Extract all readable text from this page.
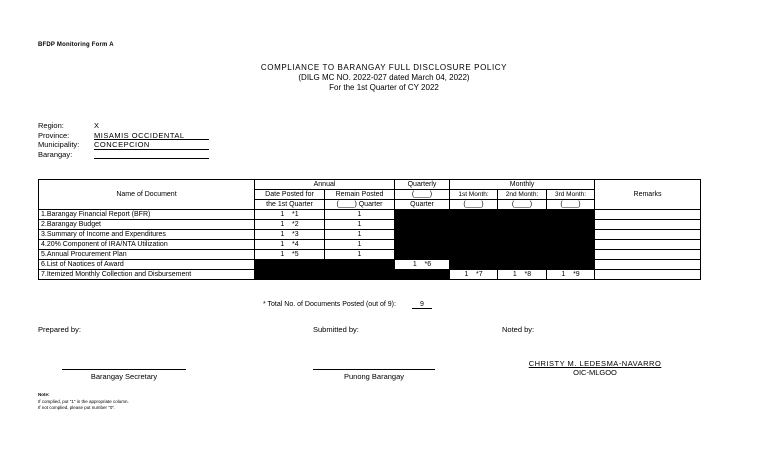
BFDP Monitoring Form A
COMPLIANCE TO BARANGAY FULL DISCLOSURE POLICY
(DILG MC NO. 2022-027 dated March 04, 2022)
For the 1st Quarter of CY 2022
Region:	X
Province:	MISAMIS OCCIDENTAL
Municipality:	CONCEPCION
Barangay:
Name of Document	Annual		Quarterly	Monthly			Remarks
	Date Posted for	Remain Posted	(____)	1st Month:	2nd Month:	3rd Month:	
	the 1st Quarter	(____) Quarter	Quarter	(____)	(____)	(____)	
1.Barangay Financial Report (BFR)	1 *1	1					
2.Barangay Budget	1 *2	1					
3.Summary of Income and Expenditures	1 *3	1					
4.20% Component of IRA/NTA Utilization	1 *4	1					
5.Annual Procurement Plan	1 *5	1					
6.List of Naotices of Award			1 *6				
7.Itemized Monthly Collection and Disbursement				1 *7	1 *8	1 *9	
* Total No. of Documents Posted (out of 9):	9
Prepared by:	Submitted by:	Noted by:
Barangay Secretary	Punong Barangay
CHRISTY M. LEDESMA-NAVARRO
OIC-MLGOO
Note:
If complied, put "1" in the appropriate column.
If not complied, please put number "0".
